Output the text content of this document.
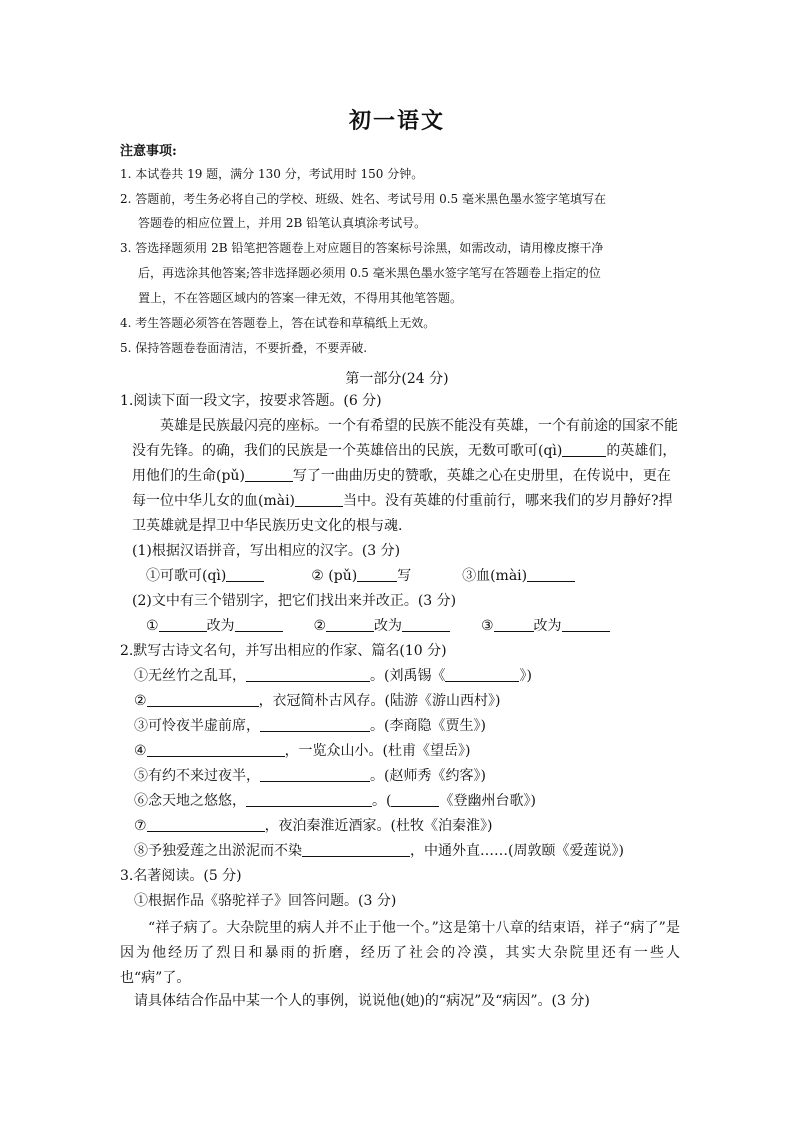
初一语文
注意事项:
1. 本试卷共 19 题，满分 130 分，考试用时 150 分钟。
2. 答题前，考生务必将自己的学校、班级、姓名、考试号用 0.5 毫米黑色墨水签字笔填写在
答题卷的相应位置上，并用 2B 铅笔认真填涂考试号。
3. 答选择题须用 2B 铅笔把答题卷上对应题目的答案标号涂黑，如需改动，请用橡皮擦干净
后，再选涂其他答案;答非选择题必须用 0.5 毫米黑色墨水签字笔写在答题卷上指定的位
置上，不在答题区域内的答案一律无效，不得用其他笔答题。
4. 考生答题必须答在答题卷上，答在试卷和草稿纸上无效。
5. 保持答题卷卷面清洁，不要折叠，不要弄破.
第一部分(24 分)
1.阅读下面一段文字，按要求答题。(6 分)
英雄是民族最闪亮的座标。一个有希望的民族不能没有英雄，一个有前途的国家不能
没有先锋。的确，我们的民族是一个英雄倍出的民族，无数可歌可(qì)	的英雄们，
用他们的生命(pǔ)	写了一曲曲历史的赞歌，英雄之心在史册里，在传说中，更在
每一位中华儿女的血(mài)	当中。没有英雄的付重前行，哪来我们的岁月静好?捍
卫英雄就是捍卫中华民族历史文化的根与魂.
(1)根据汉语拼音，写出相应的汉字。(3 分)
①可歌可(qì)	② (pǔ)	写	③血(mài)
(2)文中有三个错别字，把它们找出来并改正。(3 分)
①	改为	②	改为	③	改为
2.默写古诗文名句，并写出相应的作家、篇名(10 分)
①无丝竹之乱耳，	。(刘禹锡《	》)
②	，衣冠简朴古风存。(陆游《游山西村》)
③可怜夜半虚前席，	。(李商隐《贾生》)
④	，一览众山小。(杜甫《望岳》)
⑤有约不来过夜半，	。(赵师秀《约客》)
⑥念天地之悠悠，	。(	《登幽州台歌》)
⑦	，夜泊秦淮近酒家。(杜牧《泊秦淮》)
⑧予独爱莲之出淤泥而不染	，中通外直……(周敦颐《爱莲说》)
3.名著阅读。(5 分)
①根据作品《骆驼祥子》回答问题。(3 分)
“祥子病了。大杂院里的病人并不止于他一个。”这是第十八章的结束语，祥子“病了”是因为他经历了烈日和暴雨的折磨，经历了社会的冷漠，其实大杂院里还有一些人也“病”了。
请具体结合作品中某一个人的事例，说说他(她)的“病况”及“病因”。(3 分)
